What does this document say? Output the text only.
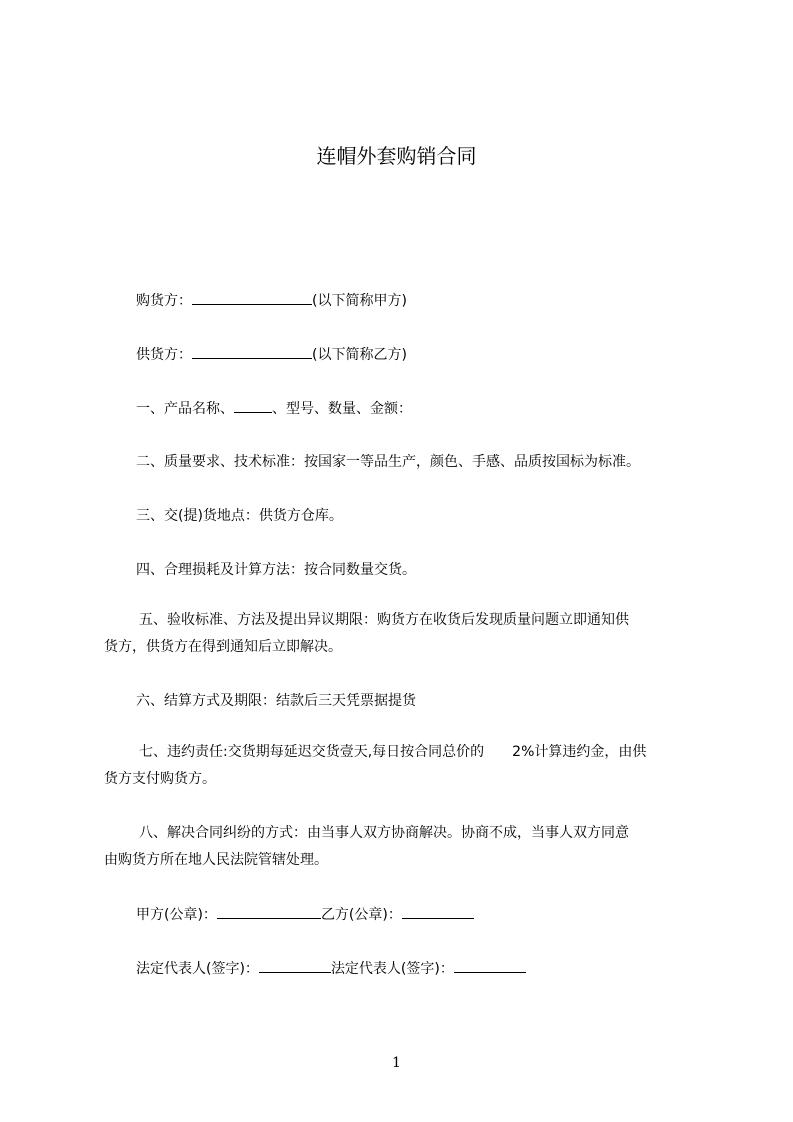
连帽外套购销合同
购货方：	(以下简称甲方)
供货方：	(以下简称乙方)
一、产品名称、	、型号、数量、金额：
二、质量要求、技术标准：按国家一等品生产，颜色、手感、品质按国标为标准。
三、交(提)货地点：供货方仓库。
四、合理损耗及计算方法：按合同数量交货。
五、验收标准、方法及提出异议期限：购货方在收货后发现质量问题立即通知供
货方，供货方在得到通知后立即解决。
六、结算方式及期限：结款后三天凭票据提货
七、违约责任:交货期每延迟交货壹天,每日按合同总价的 2%计算违约金，由供
货方支付购货方。
八、解决合同纠纷的方式：由当事人双方协商解决。协商不成，当事人双方同意
由购货方所在地人民法院管辖处理。
甲方(公章)：	乙方(公章)：
法定代表人(签字)：	法定代表人(签字)：
1
